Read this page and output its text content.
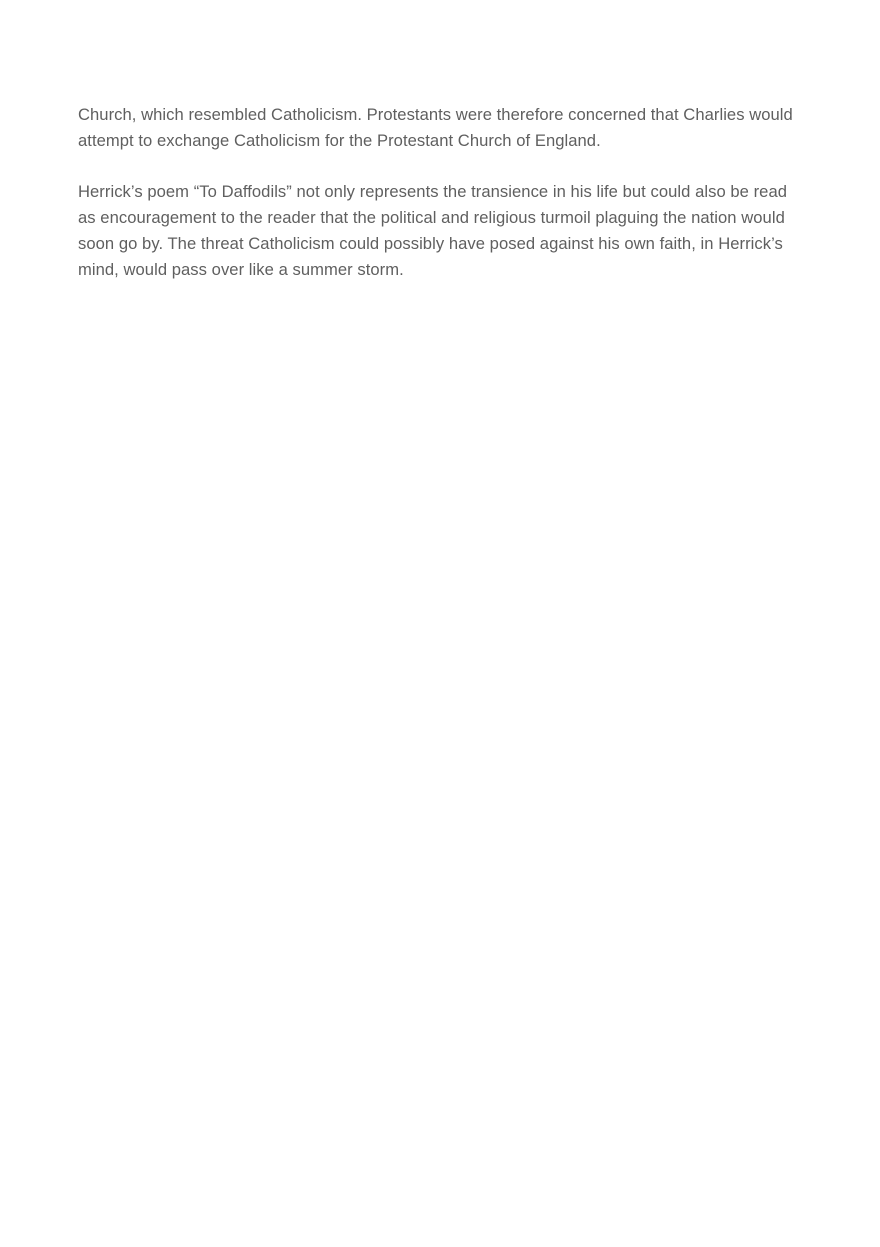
Church, which resembled Catholicism. Protestants were therefore concerned that Charlies would attempt to exchange Catholicism for the Protestant Church of England.

Herrick’s poem “To Daffodils” not only represents the transience in his life but could also be read as encouragement to the reader that the political and religious turmoil plaguing the nation would soon go by. The threat Catholicism could possibly have posed against his own faith, in Herrick’s mind, would pass over like a summer storm.
